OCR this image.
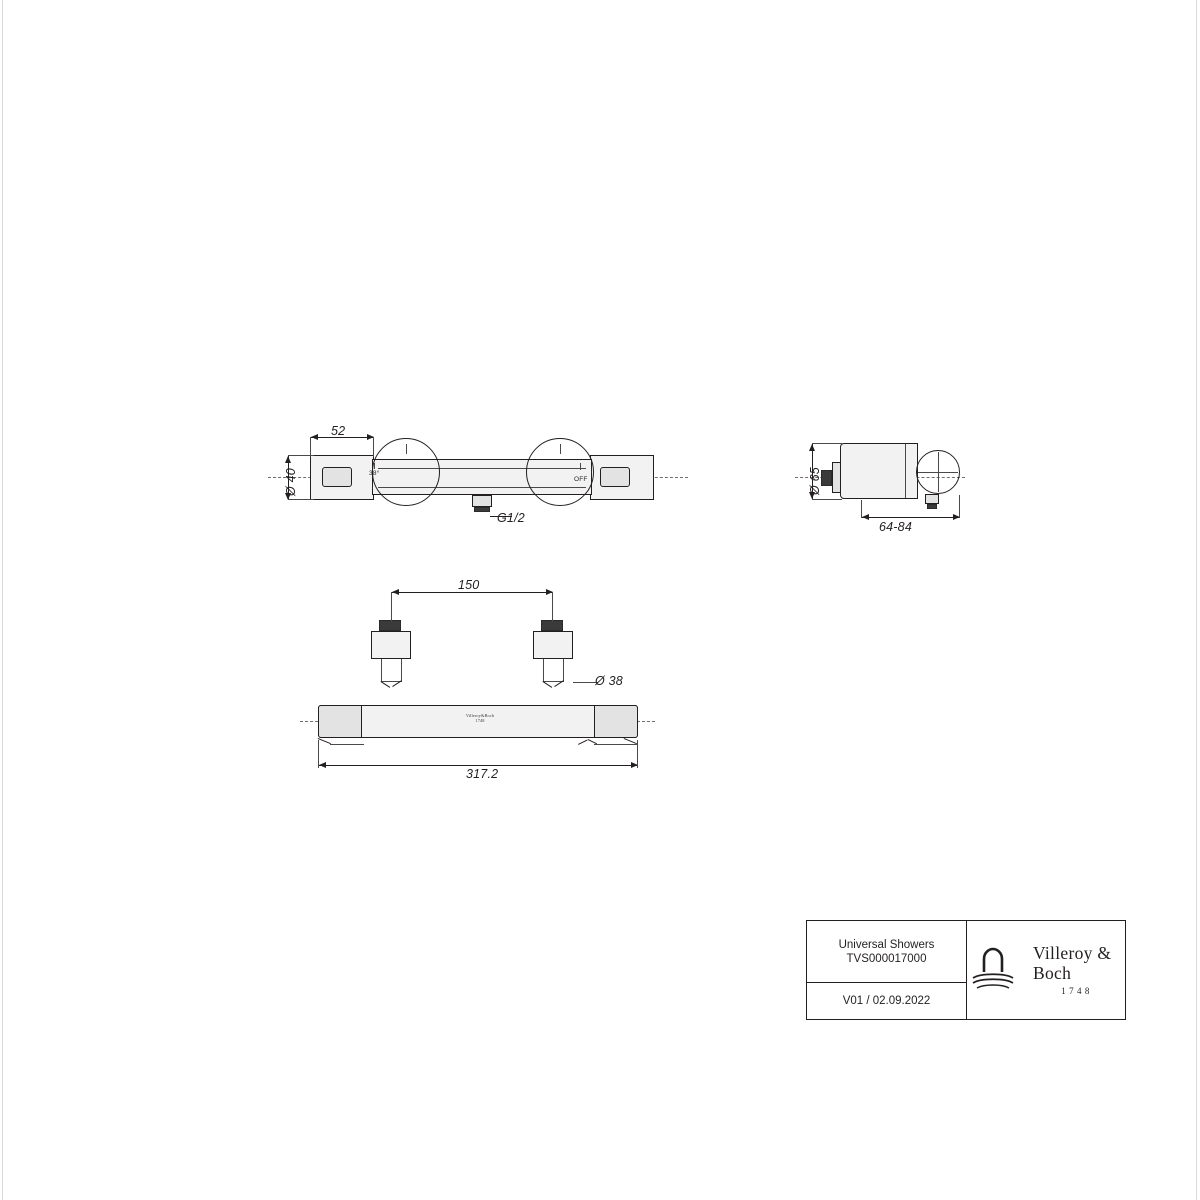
38°
OFF
G1/2
52
Ø 40	Ø 65
64-84
Villeroy&Boch
1748
150
Ø 38
317.2
Universal Showers
TVS000017000
V01 / 02.09.2022
Villeroy & Boch
1748
